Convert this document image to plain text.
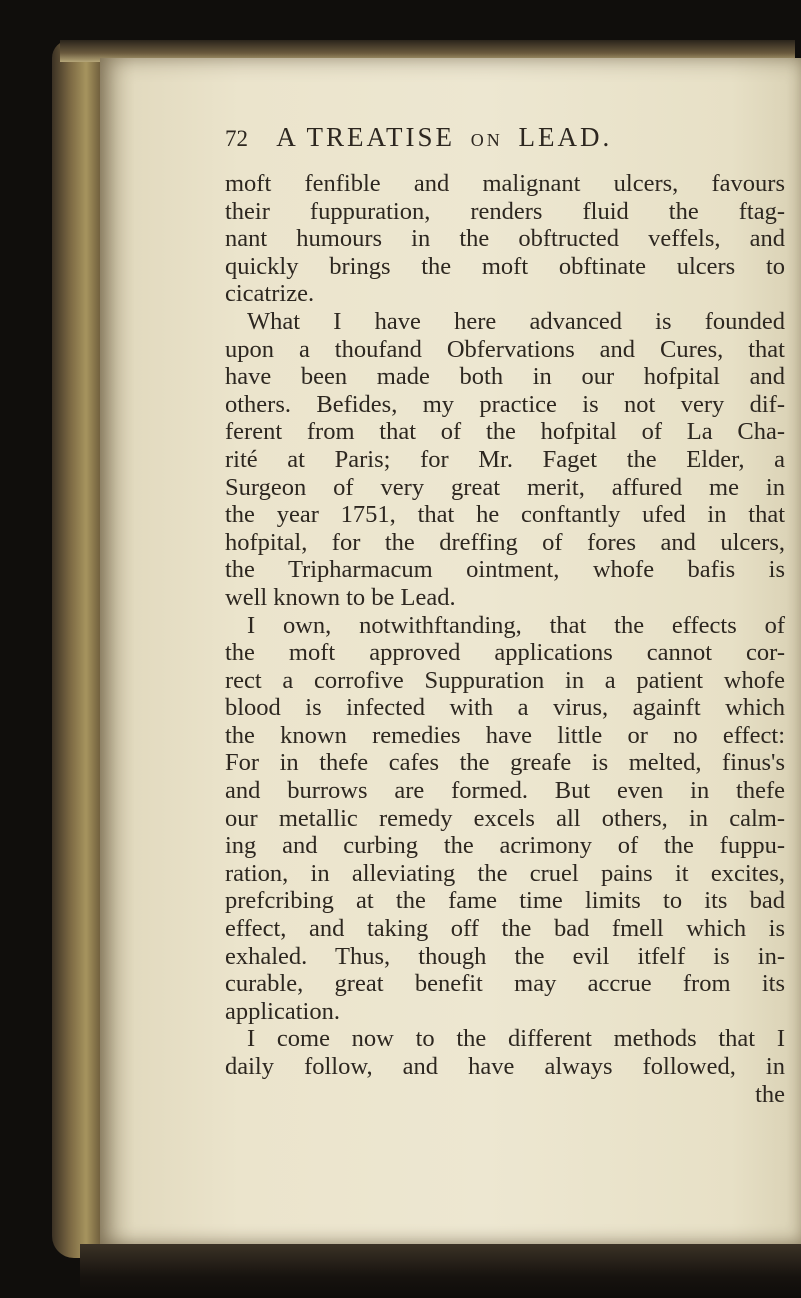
72 A TREATISE ON LEAD.
moft fenfible and malignant ulcers, favours
their fuppuration, renders fluid the ftag-
nant humours in the obftructed veffels, and
quickly brings the moft obftinate ulcers to
cicatrize.
What I have here advanced is founded
upon a thoufand Obfervations and Cures, that
have been made both in our hofpital and
others. Befides, my practice is not very dif-
ferent from that of the hofpital of La Cha-
rité at Paris; for Mr. Faget the Elder, a
Surgeon of very great merit, affured me in
the year 1751, that he conftantly ufed in that
hofpital, for the dreffing of fores and ulcers,
the Tripharmacum ointment, whofe bafis is
well known to be Lead.
I own, notwithftanding, that the effects of
the moft approved applications cannot cor-
rect a corrofive Suppuration in a patient whofe
blood is infected with a virus, againft which
the known remedies have little or no effect:
For in thefe cafes the greafe is melted, finus's
and burrows are formed. But even in thefe
our metallic remedy excels all others, in calm-
ing and curbing the acrimony of the fuppu-
ration, in alleviating the cruel pains it excites,
prefcribing at the fame time limits to its bad
effect, and taking off the bad fmell which is
exhaled. Thus, though the evil itfelf is in-
curable, great benefit may accrue from its
application.
I come now to the different methods that I
daily follow, and have always followed, in
the
